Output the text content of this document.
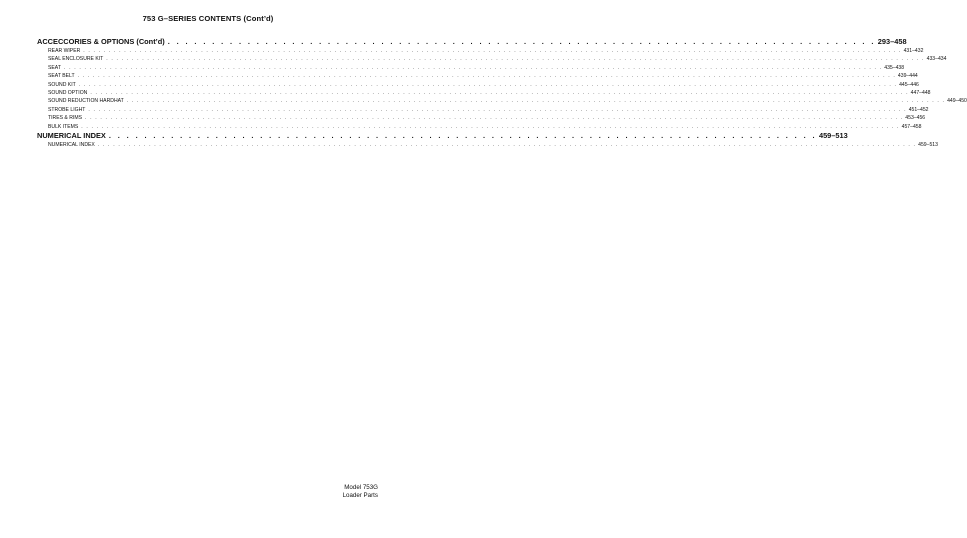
753 G–SERIES CONTENTS (Cont’d)
ACCECCORIES & OPTIONS (Cont’d) . . . . . . . . . . . . . . . . . . . . . . . . . . . . . . . . . . . . . . . . . . . . . . . . . . . . . . . . . . . . . . . . . . . . . . . . . . . . . . . . 293–458
REAR WIPER . . . . . . . . . . . . . . . . . . . . . . . . . . . . . . . . . . . . . . . . . . . . . . . . . . . . . . . . . . . . . . . . . . . . . . . . . . . . . . . . . . . . . . . . . . . . . . . . . . . . . . . . . . . . . . . . . . . . . . . . . . . . . . . . . . . . . . . . . . . . . . . . . . . . . . . . . . . . . . . . 431–432
SEAL ENCLOSURE KIT . . . . . . . . . . . . . . . . . . . . . . . . . . . . . . . . . . . . . . . . . . . . . . . . . . . . . . . . . . . . . . . . . . . . . . . . . . . . . . . . . . . . . . . . . . . . . . . . . . . . . . . . . . . . . . . . . . . . . . . . . . . . . . . . . . . . . . . . . . . . . . . . . . . . . . . . . . . . . . . . 433–434
SEAT . . . . . . . . . . . . . . . . . . . . . . . . . . . . . . . . . . . . . . . . . . . . . . . . . . . . . . . . . . . . . . . . . . . . . . . . . . . . . . . . . . . . . . . . . . . . . . . . . . . . . . . . . . . . . . . . . . . . . . . . . . . . . . . . . . . . . . . . . . . . . . . . . . . . . . . . . . . . . . . . 435–438
SEAT BELT . . . . . . . . . . . . . . . . . . . . . . . . . . . . . . . . . . . . . . . . . . . . . . . . . . . . . . . . . . . . . . . . . . . . . . . . . . . . . . . . . . . . . . . . . . . . . . . . . . . . . . . . . . . . . . . . . . . . . . . . . . . . . . . . . . . . . . . . . . . . . . . . . . . . . . . . . . . . . . . . 439–444
SOUND KIT . . . . . . . . . . . . . . . . . . . . . . . . . . . . . . . . . . . . . . . . . . . . . . . . . . . . . . . . . . . . . . . . . . . . . . . . . . . . . . . . . . . . . . . . . . . . . . . . . . . . . . . . . . . . . . . . . . . . . . . . . . . . . . . . . . . . . . . . . . . . . . . . . . . . . . . . . . . . . . . . 445–446
SOUND OPTION . . . . . . . . . . . . . . . . . . . . . . . . . . . . . . . . . . . . . . . . . . . . . . . . . . . . . . . . . . . . . . . . . . . . . . . . . . . . . . . . . . . . . . . . . . . . . . . . . . . . . . . . . . . . . . . . . . . . . . . . . . . . . . . . . . . . . . . . . . . . . . . . . . . . . . . . . . . . . . . . 447–448
SOUND REDUCTION HARDHAT . . . . . . . . . . . . . . . . . . . . . . . . . . . . . . . . . . . . . . . . . . . . . . . . . . . . . . . . . . . . . . . . . . . . . . . . . . . . . . . . . . . . . . . . . . . . . . . . . . . . . . . . . . . . . . . . . . . . . . . . . . . . . . . . . . . . . . . . . . . . . . . . . . . . . . . . . . . . . . . . 449–450
STROBE LIGHT . . . . . . . . . . . . . . . . . . . . . . . . . . . . . . . . . . . . . . . . . . . . . . . . . . . . . . . . . . . . . . . . . . . . . . . . . . . . . . . . . . . . . . . . . . . . . . . . . . . . . . . . . . . . . . . . . . . . . . . . . . . . . . . . . . . . . . . . . . . . . . . . . . . . . . . . . . . . . . . . 451–452
TIRES & RIMS . . . . . . . . . . . . . . . . . . . . . . . . . . . . . . . . . . . . . . . . . . . . . . . . . . . . . . . . . . . . . . . . . . . . . . . . . . . . . . . . . . . . . . . . . . . . . . . . . . . . . . . . . . . . . . . . . . . . . . . . . . . . . . . . . . . . . . . . . . . . . . . . . . . . . . . . . . . . . . . . 453–456
BULK ITEMS . . . . . . . . . . . . . . . . . . . . . . . . . . . . . . . . . . . . . . . . . . . . . . . . . . . . . . . . . . . . . . . . . . . . . . . . . . . . . . . . . . . . . . . . . . . . . . . . . . . . . . . . . . . . . . . . . . . . . . . . . . . . . . . . . . . . . . . . . . . . . . . . . . . . . . . . . . . . . . . . 457–458
NUMERICAL INDEX . . . . . . . . . . . . . . . . . . . . . . . . . . . . . . . . . . . . . . . . . . . . . . . . . . . . . . . . . . . . . . . . . . . . . . . . . . . . . . . . 459–513
NUMERICAL INDEX . . . . . . . . . . . . . . . . . . . . . . . . . . . . . . . . . . . . . . . . . . . . . . . . . . . . . . . . . . . . . . . . . . . . . . . . . . . . . . . . . . . . . . . . . . . . . . . . . . . . . . . . . . . . . . . . . . . . . . . . . . . . . . . . . . . . . . . . . . . . . . . . . . . . . . . . . . . . . . . . 459–513
Model 753G
Loader Parts
